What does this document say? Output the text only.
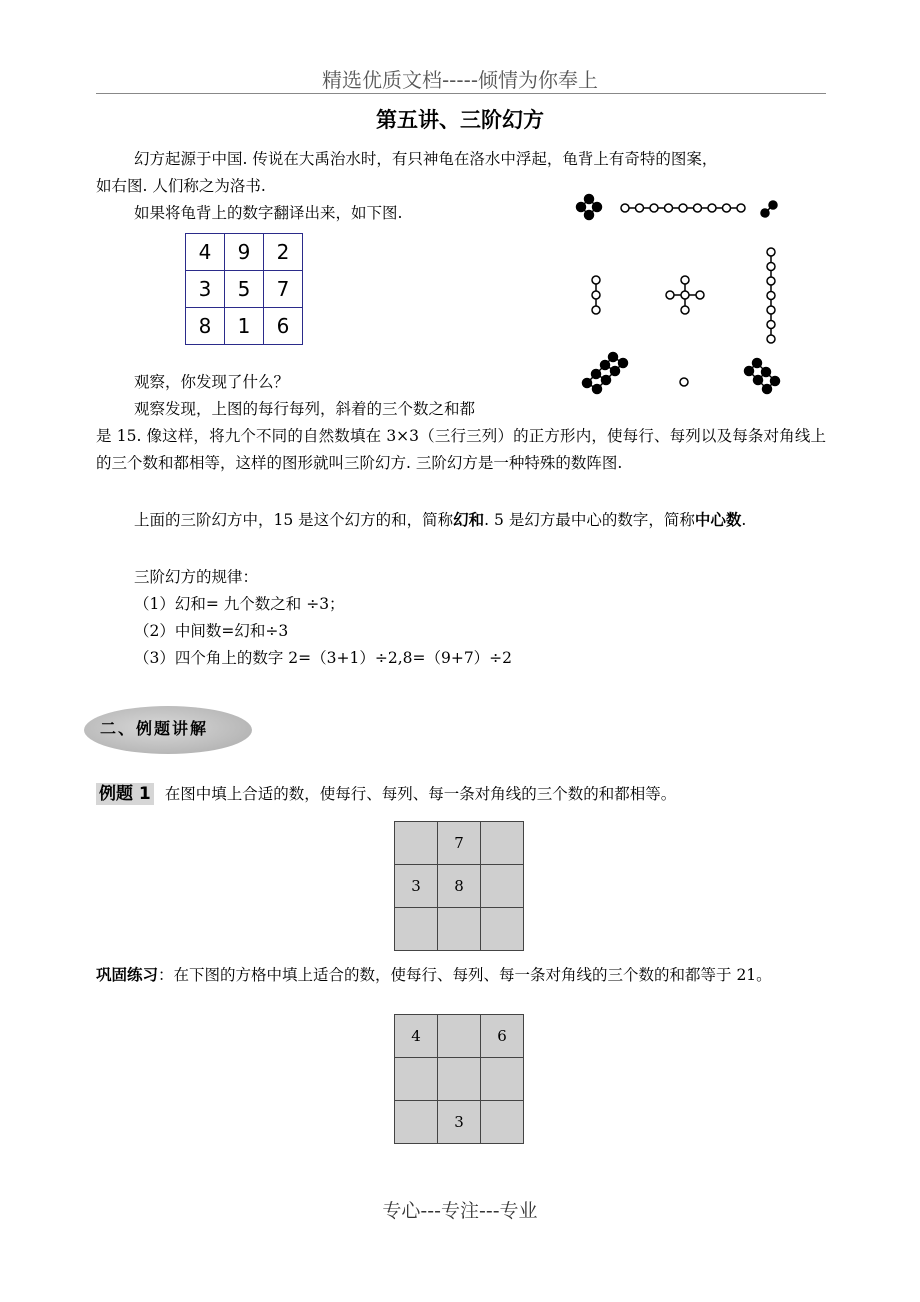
精选优质文档-----倾情为你奉上
第五讲、三阶幻方
幻方起源于中国. 传说在大禹治水时，有只神龟在洛水中浮起，龟背上有奇特的图案，
如右图. 人们称之为洛书.
如果将龟背上的数字翻译出来，如下图.
4	9	2
3	5	7
8	1	6
观察，你发现了什么？
观察发现，上图的每行每列，斜着的三个数之和都
是 15. 像这样，将九个不同的自然数填在 3×3（三行三列）的正方形内，使每行、每列以及每条对角线上的三个数和都相等，这样的图形就叫三阶幻方. 三阶幻方是一种特殊的数阵图.
上面的三阶幻方中，15 是这个幻方的和，简称幻和. 5 是幻方最中心的数字，简称中心数.
三阶幻方的规律：
（1）幻和= 九个数之和 ÷3；
（2）中间数=幻和÷3
（3）四个角上的数字 2=（3+1）÷2,8=（9+7）÷2
二、例题讲解
例题 1 在图中填上合适的数，使每行、每列、每一条对角线的三个数的和都相等。
	7	
3	8	

巩固练习：在下图的方格中填上适合的数，使每行、每列、每一条对角线的三个数的和都等于 21。
4		6

	3	
专心---专注---专业
